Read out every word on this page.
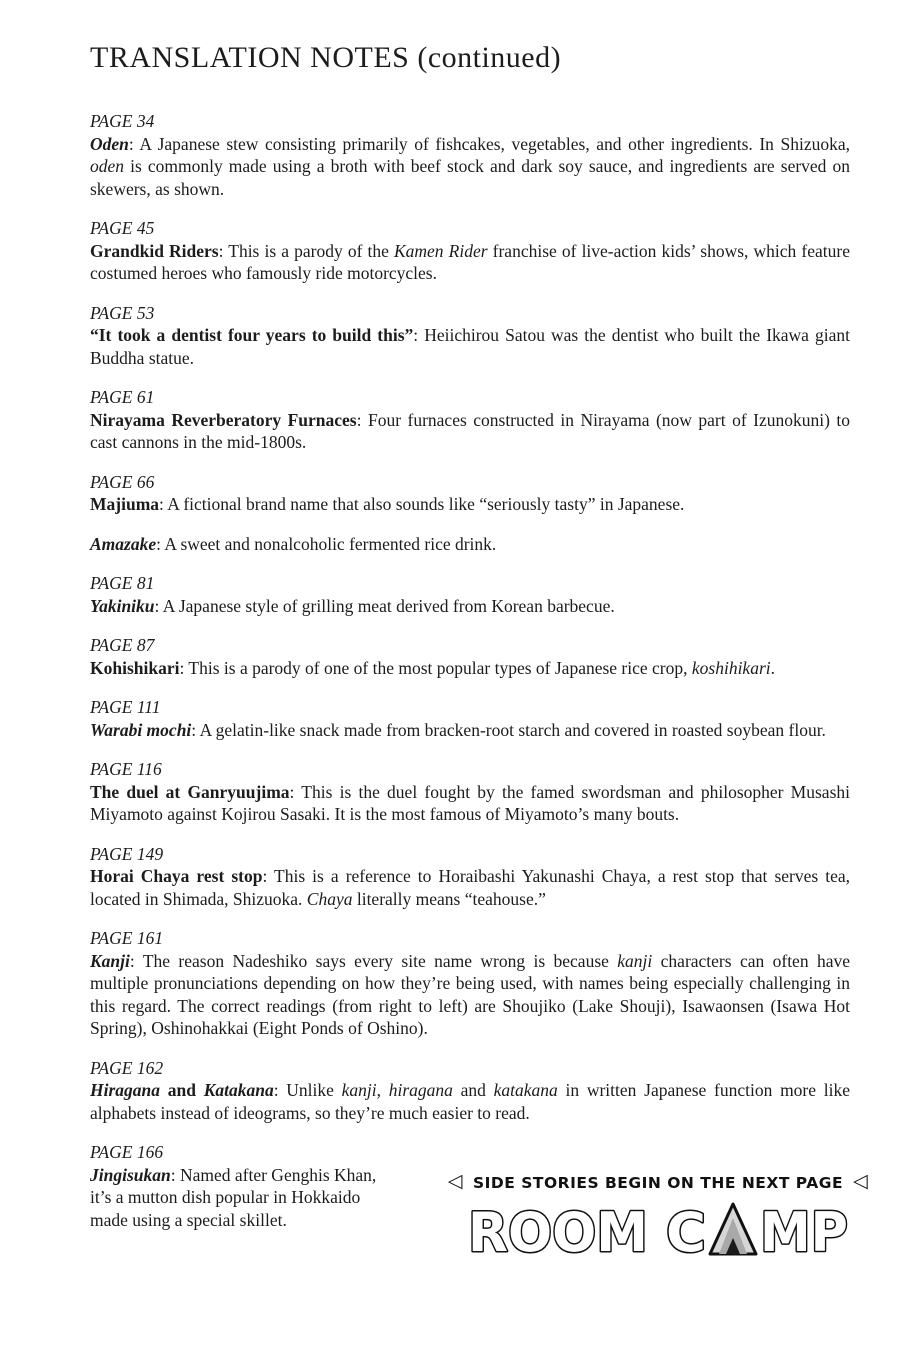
TRANSLATION NOTES (continued)
PAGE 34

Oden: A Japanese stew consisting primarily of fishcakes, vegetables, and other ingredients. In Shizuoka, oden is commonly made using a broth with beef stock and dark soy sauce, and ingredients are served on skewers, as shown.

PAGE 45

Grandkid Riders: This is a parody of the Kamen Rider franchise of live-action kids’ shows, which feature costumed heroes who famously ride motorcycles.

PAGE 53

“It took a dentist four years to build this”: Heiichirou Satou was the dentist who built the Ikawa giant Buddha statue.

PAGE 61

Nirayama Reverberatory Furnaces: Four furnaces constructed in Nirayama (now part of Izunokuni) to cast cannons in the mid-1800s.

PAGE 66

Majiuma: A fictional brand name that also sounds like “seriously tasty” in Japanese.

Amazake: A sweet and nonalcoholic fermented rice drink.

PAGE 81

Yakiniku: A Japanese style of grilling meat derived from Korean barbecue.

PAGE 87

Kohishikari: This is a parody of one of the most popular types of Japanese rice crop, koshihikari.

PAGE 111

Warabi mochi: A gelatin-like snack made from bracken-root starch and covered in roasted soybean flour.

PAGE 116

The duel at Ganryuujima: This is the duel fought by the famed swordsman and philosopher Musashi Miyamoto against Kojirou Sasaki. It is the most famous of Miyamoto’s many bouts.

PAGE 149

Horai Chaya rest stop: This is a reference to Horaibashi Yakunashi Chaya, a rest stop that serves tea, located in Shimada, Shizuoka. Chaya literally means “teahouse.”

PAGE 161

Kanji: The reason Nadeshiko says every site name wrong is because kanji characters can often have multiple pronunciations depending on how they’re being used, with names being especially challenging in this regard. The correct readings (from right to left) are Shoujiko (Lake Shouji), Isawaonsen (Isawa Hot Spring), Oshinohakkai (Eight Ponds of Oshino).

PAGE 162

Hiragana and Katakana: Unlike kanji, hiragana and katakana in written Japanese function more like alphabets instead of ideograms, so they’re much easier to read.

PAGE 166

Jingisukan: Named after Genghis Khan, it’s a mutton dish popular in Hokkaido made using a special skillet.

◁ SIDE STORIES BEGIN ON THE NEXT PAGE ◁
ROOM C MP
